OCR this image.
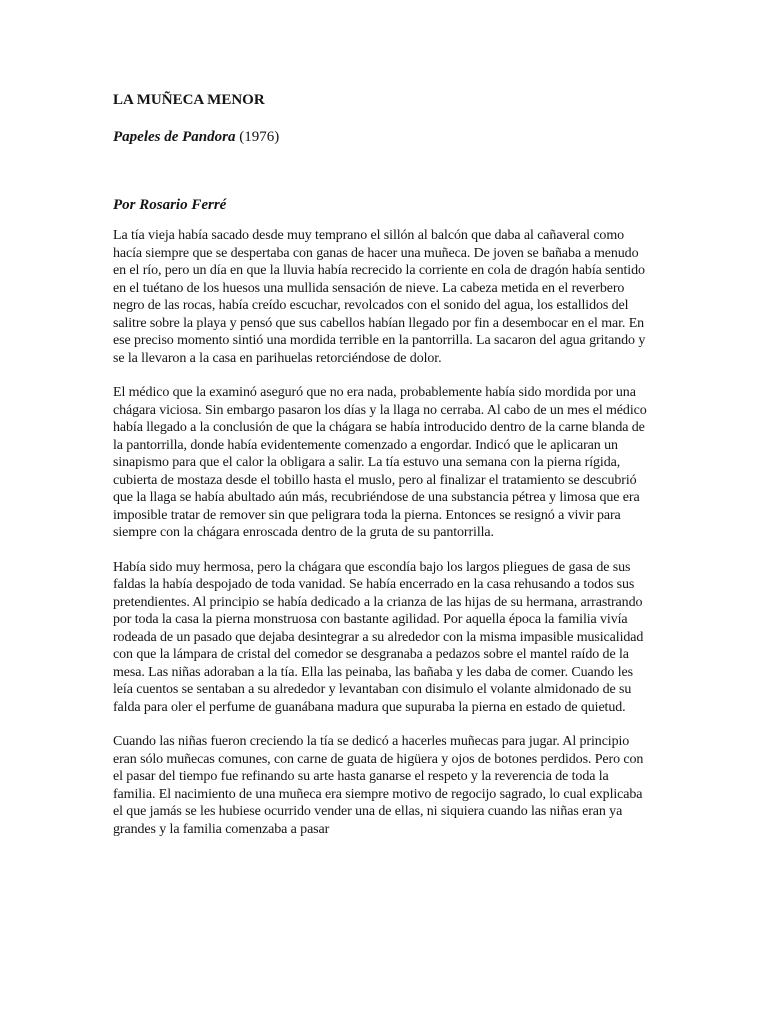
LA MUÑECA MENOR

Papeles de Pandora (1976)

Por Rosario Ferré

La tía vieja había sacado desde muy temprano el sillón al balcón que daba al cañaveral como hacía siempre que se despertaba con ganas de hacer una muñeca. De joven se bañaba a menudo en el río, pero un día en que la lluvia había recrecido la corriente en cola de dragón había sentido en el tuétano de los huesos una mullida sensación de nieve. La cabeza metida en el reverbero negro de las rocas, había creído escuchar, revolcados con el sonido del agua, los estallidos del salitre sobre la playa y pensó que sus cabellos habían llegado por fin a desembocar en el mar. En ese preciso momento sintió una mordida terrible en la pantorrilla. La sacaron del agua gritando y se la llevaron a la casa en parihuelas retorciéndose de dolor.

El médico que la examinó aseguró que no era nada, probablemente había sido mordida por una chágara viciosa. Sin embargo pasaron los días y la llaga no cerraba. Al cabo de un mes el médico había llegado a la conclusión de que la chágara se había introducido dentro de la carne blanda de la pantorrilla, donde había evidentemente comenzado a engordar. Indicó que le aplicaran un sinapismo para que el calor la obligara a salir. La tía estuvo una semana con la pierna rígida, cubierta de mostaza desde el tobillo hasta el muslo, pero al finalizar el tratamiento se descubrió que la llaga se había abultado aún más, recubriéndose de una substancia pétrea y limosa que era imposible tratar de remover sin que peligrara toda la pierna. Entonces se resignó a vivir para siempre con la chágara enroscada dentro de la gruta de su pantorrilla.

Había sido muy hermosa, pero la chágara que escondía bajo los largos pliegues de gasa de sus faldas la había despojado de toda vanidad. Se había encerrado en la casa rehusando a todos sus pretendientes. Al principio se había dedicado a la crianza de las hijas de su hermana, arrastrando por toda la casa la pierna monstruosa con bastante agilidad. Por aquella época la familia vivía rodeada de un pasado que dejaba desintegrar a su alrededor con la misma impasible musicalidad con que la lámpara de cristal del comedor se desgranaba a pedazos sobre el mantel raído de la mesa. Las niñas adoraban a la tía. Ella las peinaba, las bañaba y les daba de comer. Cuando les leía cuentos se sentaban a su alrededor y levantaban con disimulo el volante almidonado de su falda para oler el perfume de guanábana madura que supuraba la pierna en estado de quietud.

Cuando las niñas fueron creciendo la tía se dedicó a hacerles muñecas para jugar. Al principio eran sólo muñecas comunes, con carne de guata de higüera y ojos de botones perdidos. Pero con el pasar del tiempo fue refinando su arte hasta ganarse el respeto y la reverencia de toda la familia. El nacimiento de una muñeca era siempre motivo de regocijo sagrado, lo cual explicaba el que jamás se les hubiese ocurrido vender una de ellas, ni siquiera cuando las niñas eran ya grandes y la familia comenzaba a pasar
